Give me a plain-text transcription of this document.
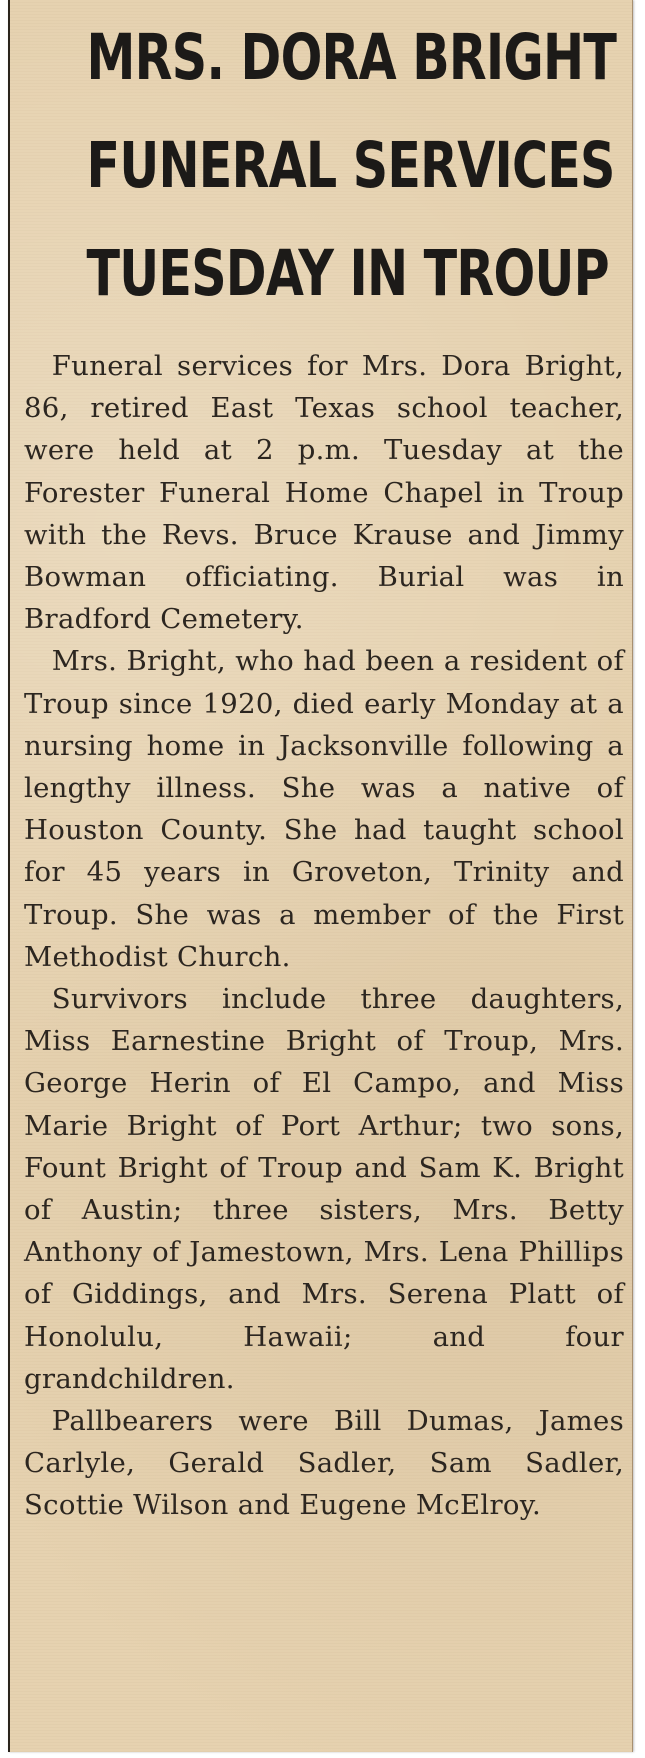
MRS. DORA BRIGHT
FUNERAL SERVICES
TUESDAY IN TROUP

 Funeral services for Mrs. Dora Bright, 86, retired East Texas school teacher, were held at 2 p.m. Tuesday at the Forester Funeral Home Chapel in Troup with the Revs. Bruce Krause and Jimmy Bowman officiating. Burial was in Bradford Cemetery.

 Mrs. Bright, who had been a resident of Troup since 1920, died early Monday at a nursing home in Jacksonville following a lengthy illness. She was a native of Houston County. She had taught school for 45 years in Groveton, Trinity and Troup. She was a member of the First Methodist Church.

 Survivors include three daughters, Miss Earnestine Bright of Troup, Mrs. George Herin of El Campo, and Miss Marie Bright of Port Arthur; two sons, Fount Bright of Troup and Sam K. Bright of Austin; three sisters, Mrs. Betty Anthony of Jamestown, Mrs. Lena Phillips of Giddings, and Mrs. Serena Platt of Honolulu, Hawaii; and four grandchildren.

 Pallbearers were Bill Dumas, James Carlyle, Gerald Sadler, Sam Sadler, Scottie Wilson and Eugene McElroy.
